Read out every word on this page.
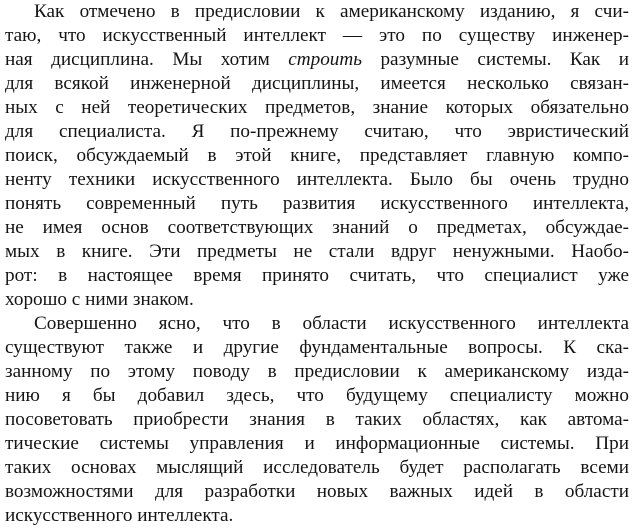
Как отмечено в предисловии к американскому изданию, я счи-
таю, что искусственный интеллект — это по существу инженер-
ная дисциплина. Мы хотим строить разумные системы. Как и
для всякой инженерной дисциплины, имеется несколько связан-
ных с ней теоретических предметов, знание которых обязательно
для специалиста. Я по-прежнему считаю, что эвристический
поиск, обсуждаемый в этой книге, представляет главную компо-
ненту техники искусственного интеллекта. Было бы очень трудно
понять современный путь развития искусственного интеллекта,
не имея основ соответствующих знаний о предметах, обсуждае-
мых в книге. Эти предметы не стали вдруг ненужными. Наобо-
рот: в настоящее время принято считать, что специалист уже
хорошо с ними знаком.
Совершенно ясно, что в области искусственного интеллекта
существуют также и другие фундаментальные вопросы. К ска-
занному по этому поводу в предисловии к американскому изда-
нию я бы добавил здесь, что будущему специалисту можно
посоветовать приобрести знания в таких областях, как автома-
тические системы управления и информационные системы. При
таких основах мыслящий исследователь будет располагать всеми
возможностями для разработки новых важных идей в области
искусственного интеллекта.
